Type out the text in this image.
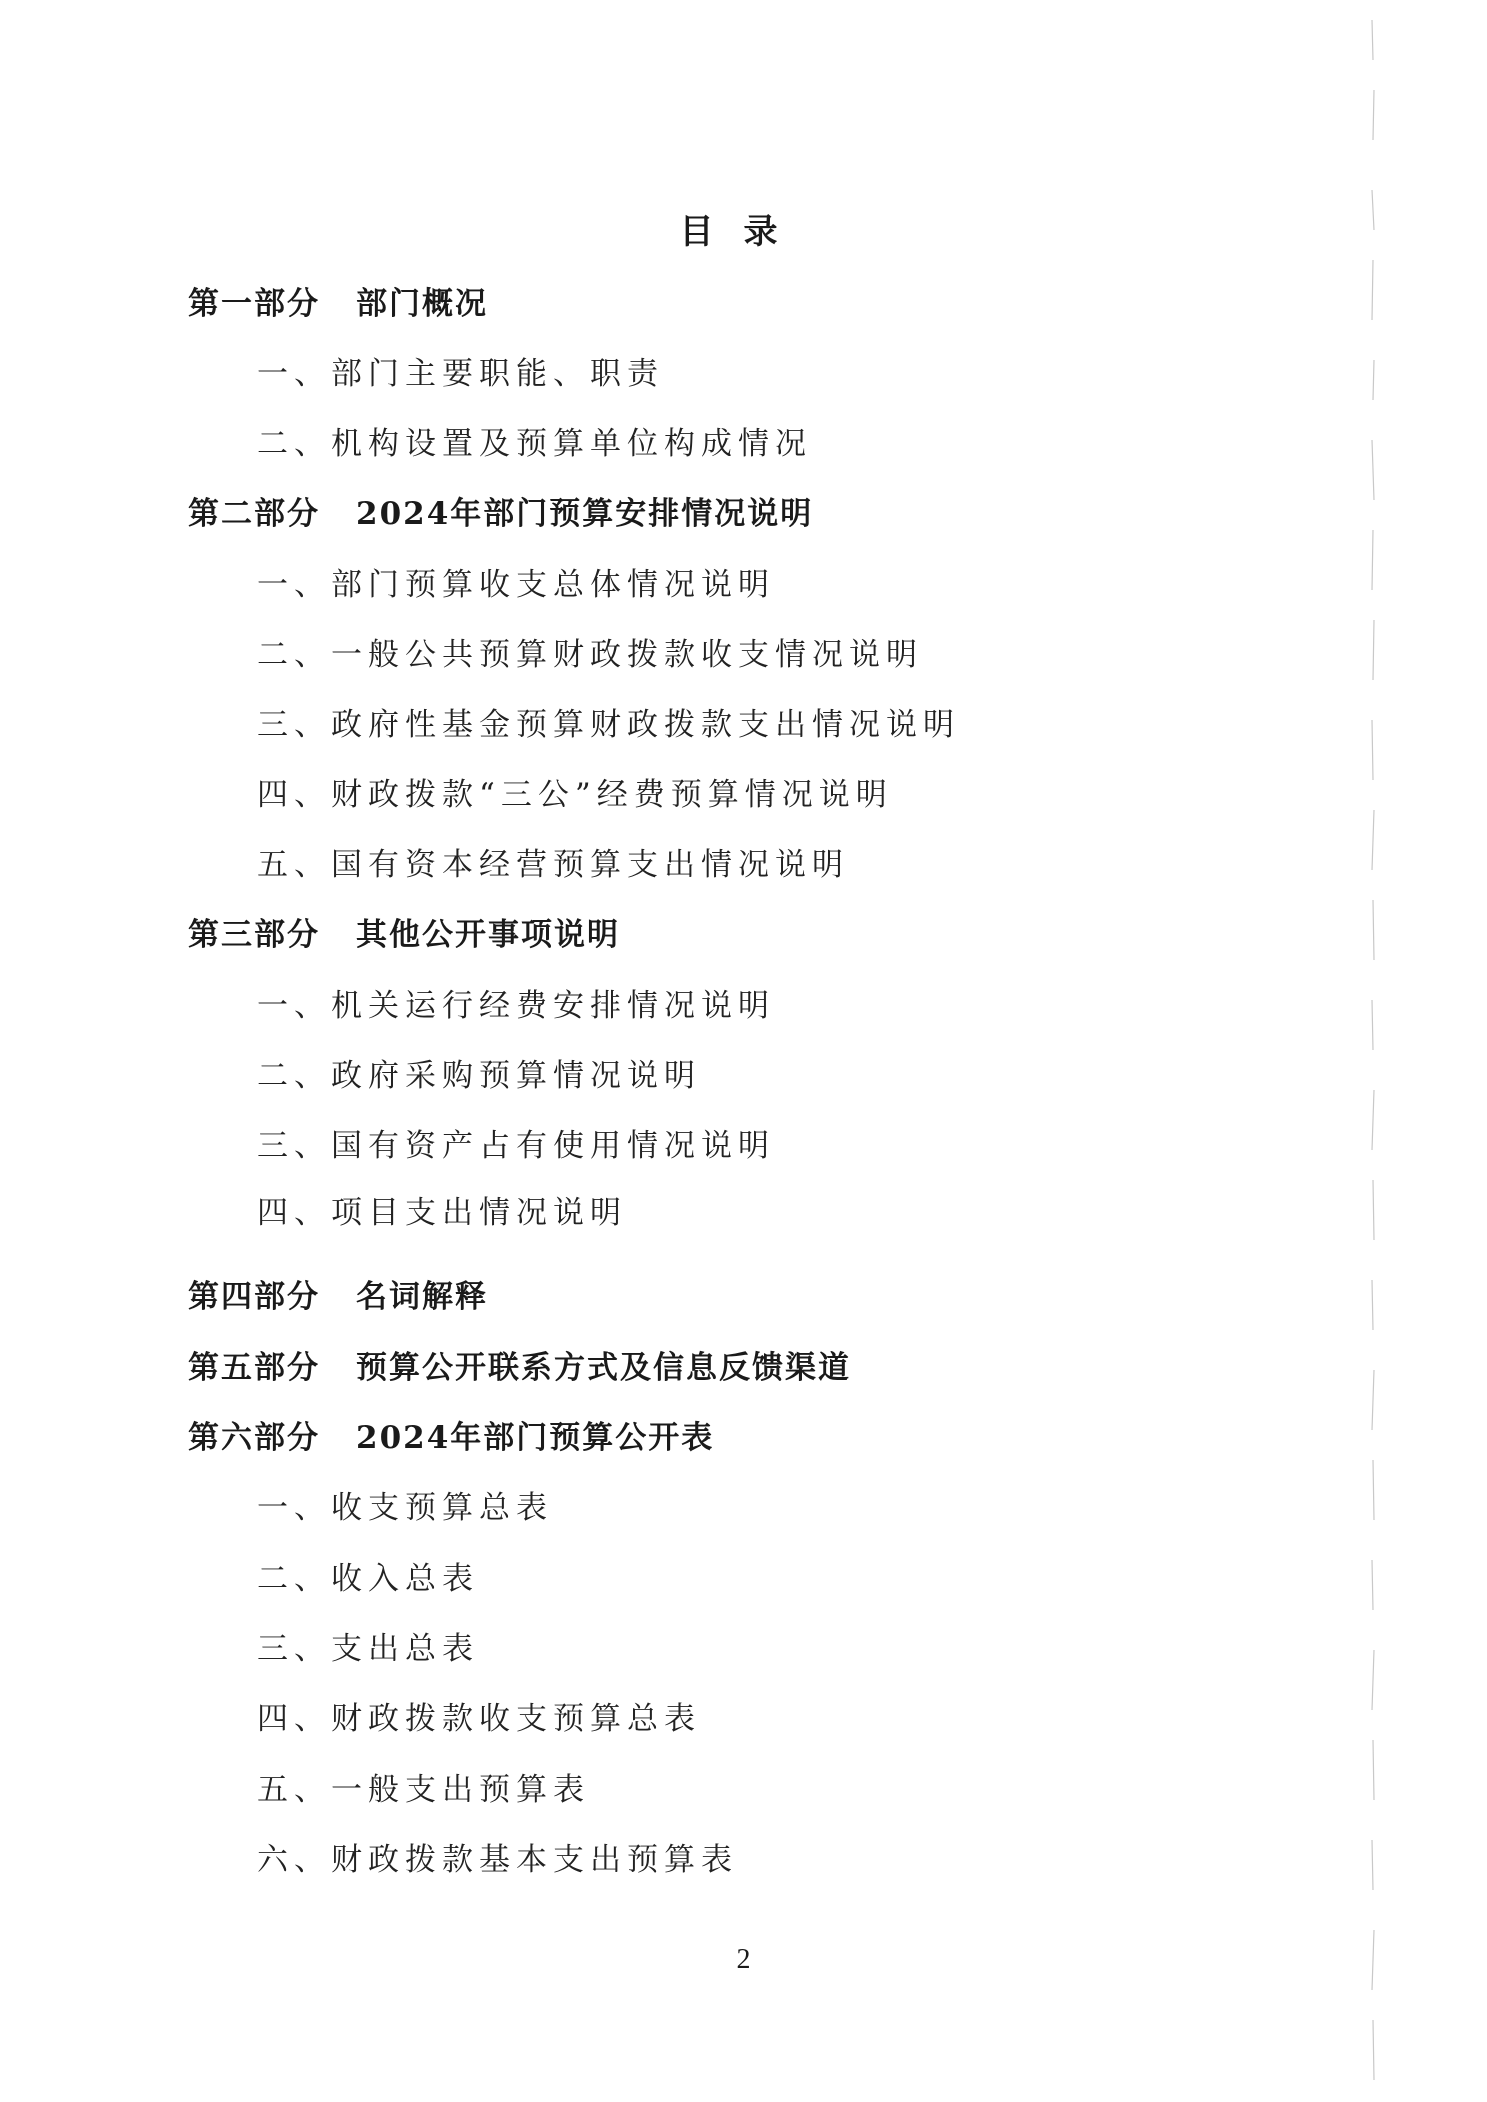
目录
第一部分 部门概况
一、部门主要职能、职责
二、机构设置及预算单位构成情况
第二部分 2024年部门预算安排情况说明
一、部门预算收支总体情况说明
二、一般公共预算财政拨款收支情况说明
三、政府性基金预算财政拨款支出情况说明
四、财政拨款“三公”经费预算情况说明
五、国有资本经营预算支出情况说明
第三部分 其他公开事项说明
一、机关运行经费安排情况说明
二、政府采购预算情况说明
三、国有资产占有使用情况说明
四、项目支出情况说明
第四部分 名词解释
第五部分 预算公开联系方式及信息反馈渠道
第六部分 2024年部门预算公开表
一、收支预算总表
二、收入总表
三、支出总表
四、财政拨款收支预算总表
五、一般支出预算表
六、财政拨款基本支出预算表
2
